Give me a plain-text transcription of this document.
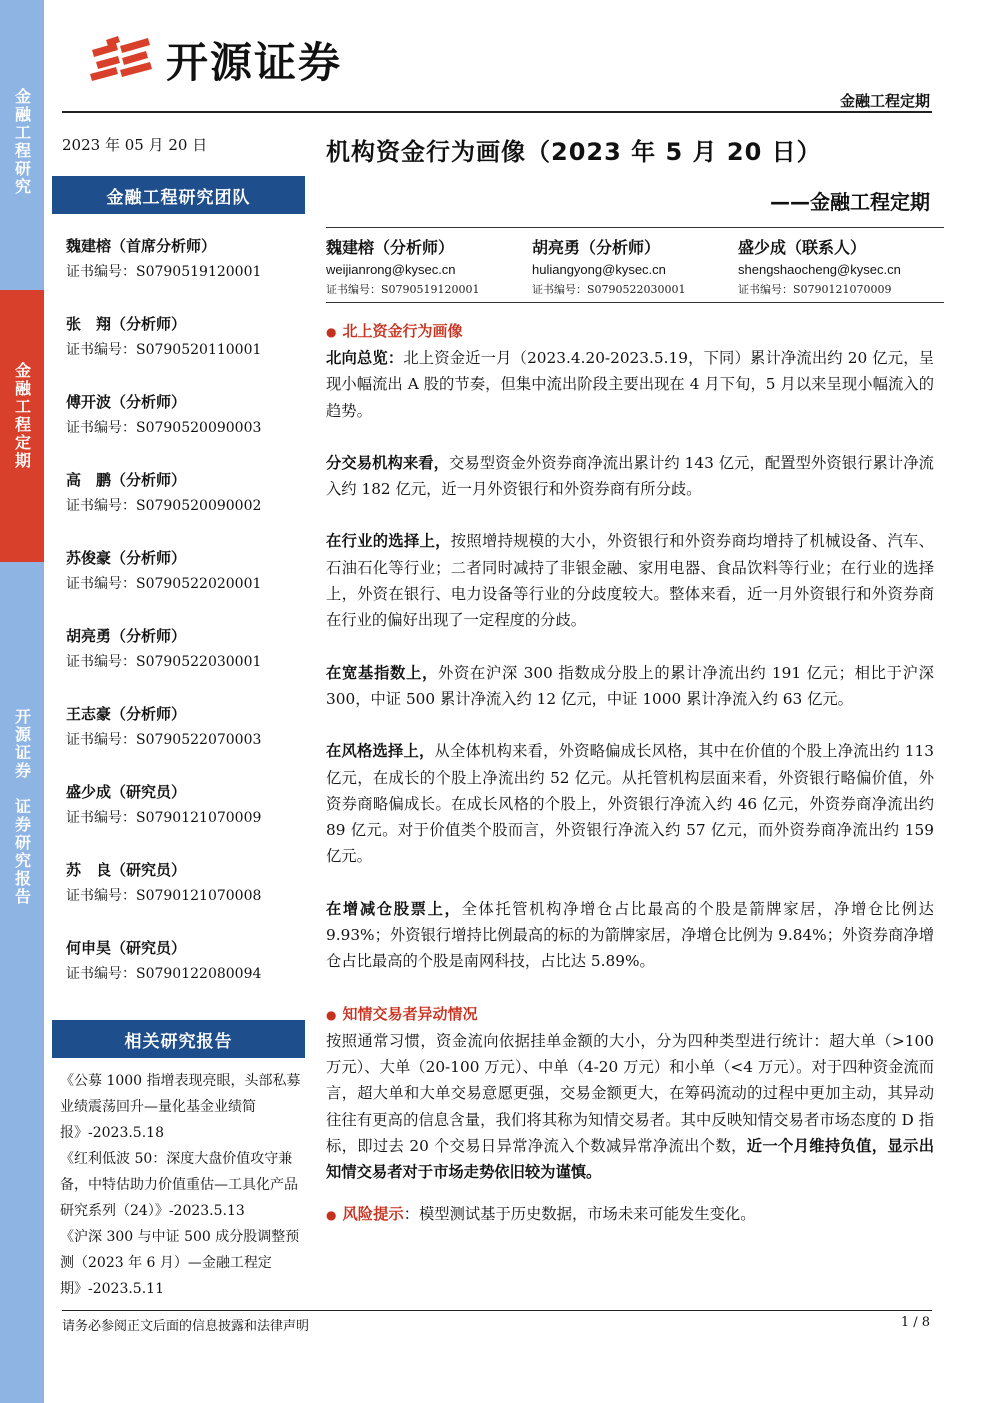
金融工程研究
金融工程定期
开源证券　证券研究报告
开源证券
金融工程定期
2023 年 05 月 20 日
金融工程研究团队
魏建榕（首席分析师）
证书编号：S0790519120001
张　翔（分析师）
证书编号：S0790520110001
傅开波（分析师）
证书编号：S0790520090003
高　鹏（分析师）
证书编号：S0790520090002
苏俊豪（分析师）
证书编号：S0790522020001
胡亮勇（分析师）
证书编号：S0790522030001
王志豪（分析师）
证书编号：S0790522070003
盛少成（研究员）
证书编号：S0790121070009
苏　良（研究员）
证书编号：S0790121070008
何申昊（研究员）
证书编号：S0790122080094
相关研究报告
《公募 1000 指增表现亮眼，头部私募业绩震荡回升—量化基金业绩简报》-2023.5.18
《红利低波 50：深度大盘价值攻守兼备，中特估助力价值重估—工具化产品研究系列（24）》-2023.5.13
《沪深 300 与中证 500 成分股调整预测（2023 年 6 月）—金融工程定期》-2023.5.11
机构资金行为画像（2023 年 5 月 20 日）
——金融工程定期
魏建榕（分析师）
weijianrong@kysec.cn
证书编号：S0790519120001
胡亮勇（分析师）
huliangyong@kysec.cn
证书编号：S0790522030001
盛少成（联系人）
shengshaocheng@kysec.cn
证书编号：S0790121070009
● 北上资金行为画像

北向总览：北上资金近一月（2023.4.20-2023.5.19，下同）累计净流出约 20 亿元，呈现小幅流出 A 股的节奏，但集中流出阶段主要出现在 4 月下旬，5 月以来呈现小幅流入的趋势。

分交易机构来看，交易型资金外资券商净流出累计约 143 亿元，配置型外资银行累计净流入约 182 亿元，近一月外资银行和外资券商有所分歧。

在行业的选择上，按照增持规模的大小，外资银行和外资券商均增持了机械设备、汽车、石油石化等行业；二者同时减持了非银金融、家用电器、食品饮料等行业；在行业的选择上，外资在银行、电力设备等行业的分歧度较大。整体来看，近一月外资银行和外资券商在行业的偏好出现了一定程度的分歧。

在宽基指数上，外资在沪深 300 指数成分股上的累计净流出约 191 亿元；相比于沪深 300，中证 500 累计净流入约 12 亿元，中证 1000 累计净流入约 63 亿元。

在风格选择上，从全体机构来看，外资略偏成长风格，其中在价值的个股上净流出约 113 亿元，在成长的个股上净流出约 52 亿元。从托管机构层面来看，外资银行略偏价值，外资券商略偏成长。在成长风格的个股上，外资银行净流入约 46 亿元，外资券商净流出约 89 亿元。对于价值类个股而言，外资银行净流入约 57 亿元，而外资券商净流出约 159 亿元。

在增减仓股票上，全体托管机构净增仓占比最高的个股是箭牌家居，净增仓比例达 9.93%；外资银行增持比例最高的标的为箭牌家居，净增仓比例为 9.84%；外资券商净增仓占比最高的个股是南网科技，占比达 5.89%。

● 知情交易者异动情况

按照通常习惯，资金流向依据挂单金额的大小，分为四种类型进行统计：超大单（>100 万元）、大单（20-100 万元）、中单（4-20 万元）和小单（<4 万元）。对于四种资金流而言，超大单和大单交易意愿更强，交易金额更大，在筹码流动的过程中更加主动，其异动往往有更高的信息含量，我们将其称为知情交易者。其中反映知情交易者市场态度的 D 指标，即过去 20 个交易日异常净流入个数减异常净流出个数，近一个月维持负值，显示出知情交易者对于市场走势依旧较为谨慎。

● 风险提示：模型测试基于历史数据，市场未来可能发生变化。

请务必参阅正文后面的信息披露和法律声明	1 / 8
